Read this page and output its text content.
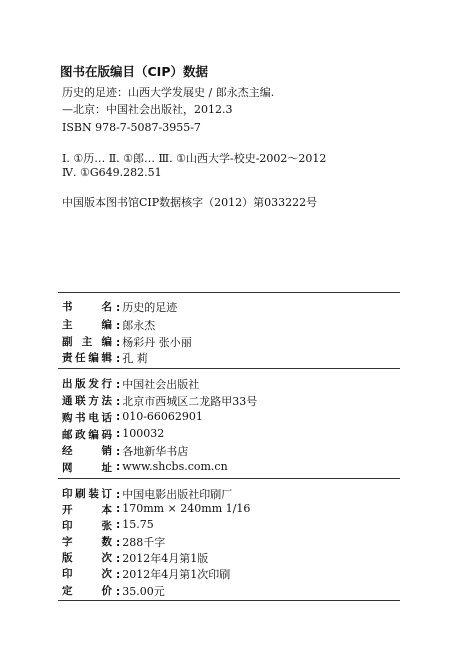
图书在版编目（CIP）数据
历史的足迹：山西大学发展史 / 郎永杰主编.
—北京：中国社会出版社，2012.3
ISBN 978-7-5087-3955-7
Ⅰ. ①历… Ⅱ. ①郎… Ⅲ. ①山西大学-校史-2002～2012
Ⅳ. ①G649.282.51
中国版本图书馆CIP数据核字（2012）第033222号
书名 : 历史的足迹
主编 : 郎永杰
副主编 : 杨彩丹 张小丽
责任编辑 : 孔 莉
出版发行 : 中国社会出版社
通联方法 : 北京市西城区二龙路甲33号
购书电话 : 010-66062901
邮政编码 : 100032
经销 : 各地新华书店
网址 : www.shcbs.com.cn
印刷装订 : 中国电影出版社印刷厂
开本 : 170mm × 240mm 1/16
印张 : 15.75
字数 : 288千字
版次 : 2012年4月第1版
印次 : 2012年4月第1次印刷
定价 : 35.00元
